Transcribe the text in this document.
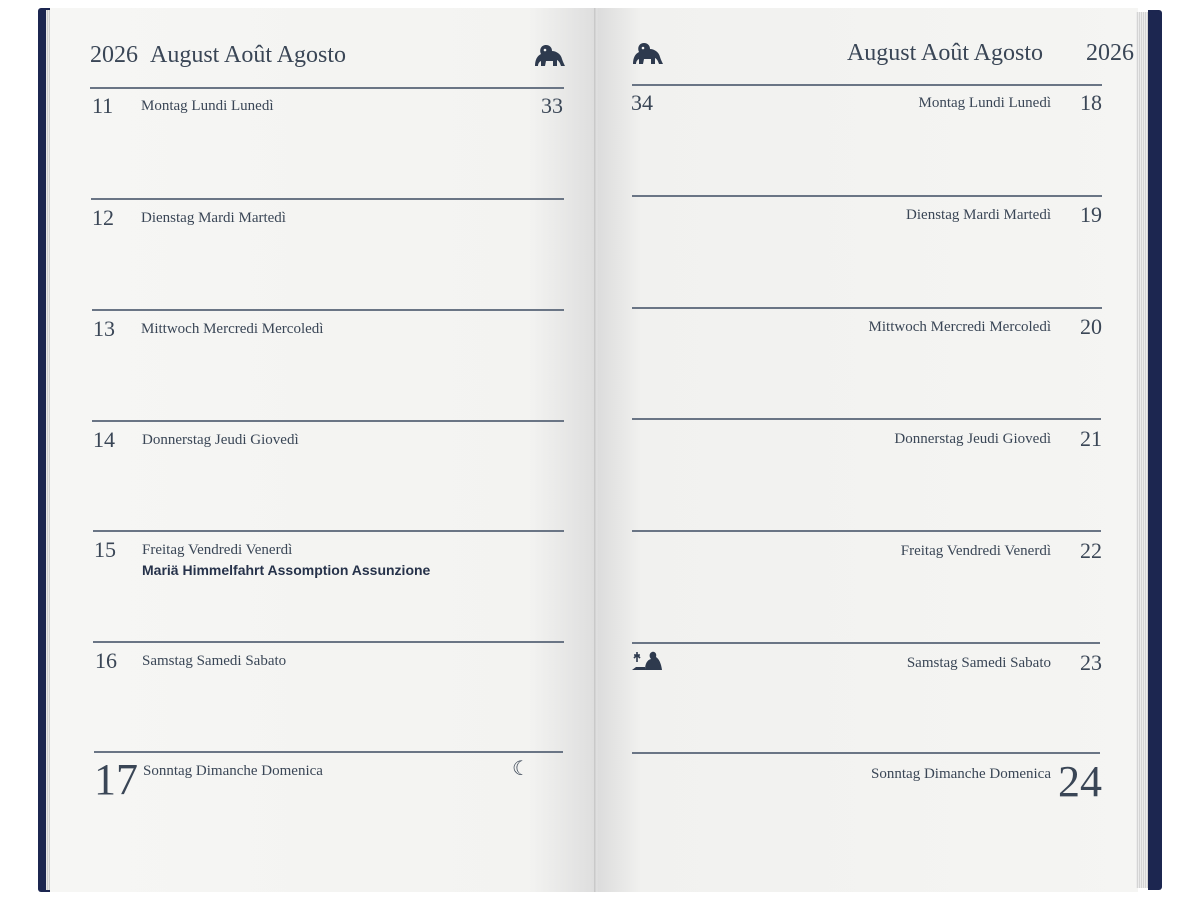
2026 August Août Agosto
33
11 Montag Lundi Lunedì
12 Dienstag Mardi Martedì
13 Mittwoch Mercredi Mercoledì
14 Donnerstag Jeudi Giovedì
15 Freitag Vendredi Venerdì
Mariä Himmelfahrt Assomption Assunzione
16 Samstag Samedi Sabato
17 Sonntag Dimanche Domenica	☾
August Août Agosto 2026
34	Montag Lundi Lunedì 18
Dienstag Mardi Martedì 19
Mittwoch Mercredi Mercoledì 20
Donnerstag Jeudi Giovedì 21
Freitag Vendredi Venerdì 22
Samstag Samedi Sabato 23
Sonntag Dimanche Domenica 24
